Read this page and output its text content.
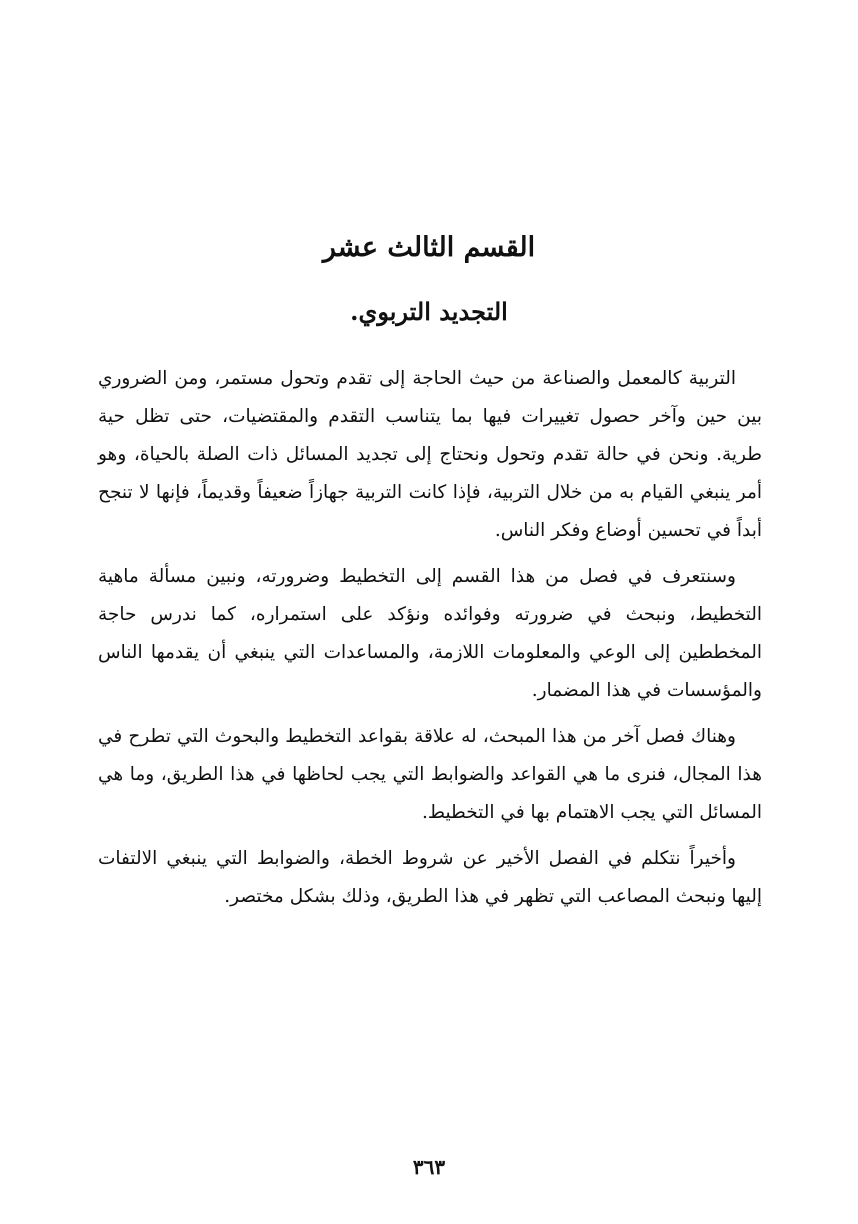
القسم الثالث عشر
التجديد التربوي.

التربية كالمعمل والصناعة من حيث الحاجة إلى تقدم وتحول مستمر، ومن الضروري بين حين وآخر حصول تغييرات فيها بما يتناسب التقدم والمقتضيات، حتى تظل حية طرية. ونحن في حالة تقدم وتحول ونحتاج إلى تجديد المسائل ذات الصلة بالحياة، وهو أمر ينبغي القيام به من خلال التربية، فإذا كانت التربية جهازاً ضعيفاً وقديماً، فإنها لا تنجح أبداً في تحسين أوضاع وفكر الناس.

وسنتعرف في فصل من هذا القسم إلى التخطيط وضرورته، ونبين مسألة ماهية التخطيط، ونبحث في ضرورته وفوائده ونؤكد على استمراره، كما ندرس حاجة المخططين إلى الوعي والمعلومات اللازمة، والمساعدات التي ينبغي أن يقدمها الناس والمؤسسات في هذا المضمار.

وهناك فصل آخر من هذا المبحث، له علاقة بقواعد التخطيط والبحوث التي تطرح في هذا المجال، فنرى ما هي القواعد والضوابط التي يجب لحاظها في هذا الطريق، وما هي المسائل التي يجب الاهتمام بها في التخطيط.

وأخيراً نتكلم في الفصل الأخير عن شروط الخطة، والضوابط التي ينبغي الالتفات إليها ونبحث المصاعب التي تظهر في هذا الطريق، وذلك بشكل مختصر.

٣٦٣
